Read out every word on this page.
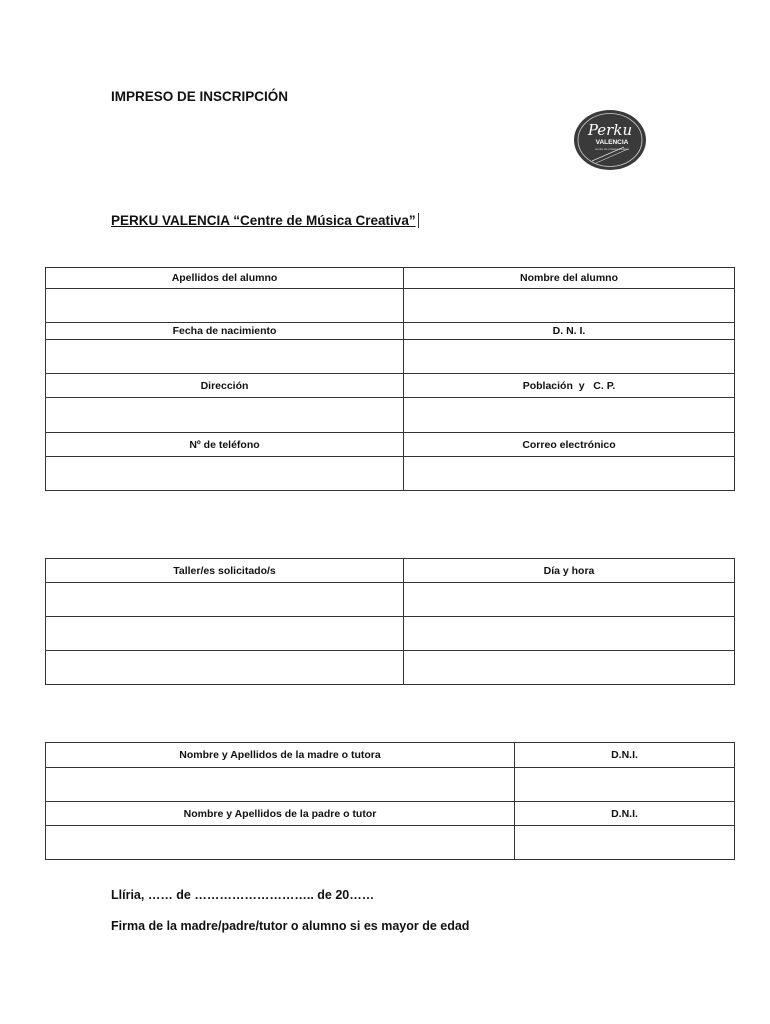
IMPRESO DE INSCRIPCIÓN
Perku
VALENCIA
centre de música creativa
PERKU VALENCIA “Centre de Música Creativa”
Apellidos del alumno	Nombre del alumno

Fecha de nacimiento	D. N. I.

Dirección	Población  y   C. P.

Nº de teléfono	Correo electrónico

Taller/es solicitado/s	Día y hora

Nombre y Apellidos de la madre o tutora	D.N.I.

Nombre y Apellidos de la padre o tutor	D.N.I.

Llíria, …… de ……………………….. de 20……
Firma de la madre/padre/tutor o alumno si es mayor de edad
